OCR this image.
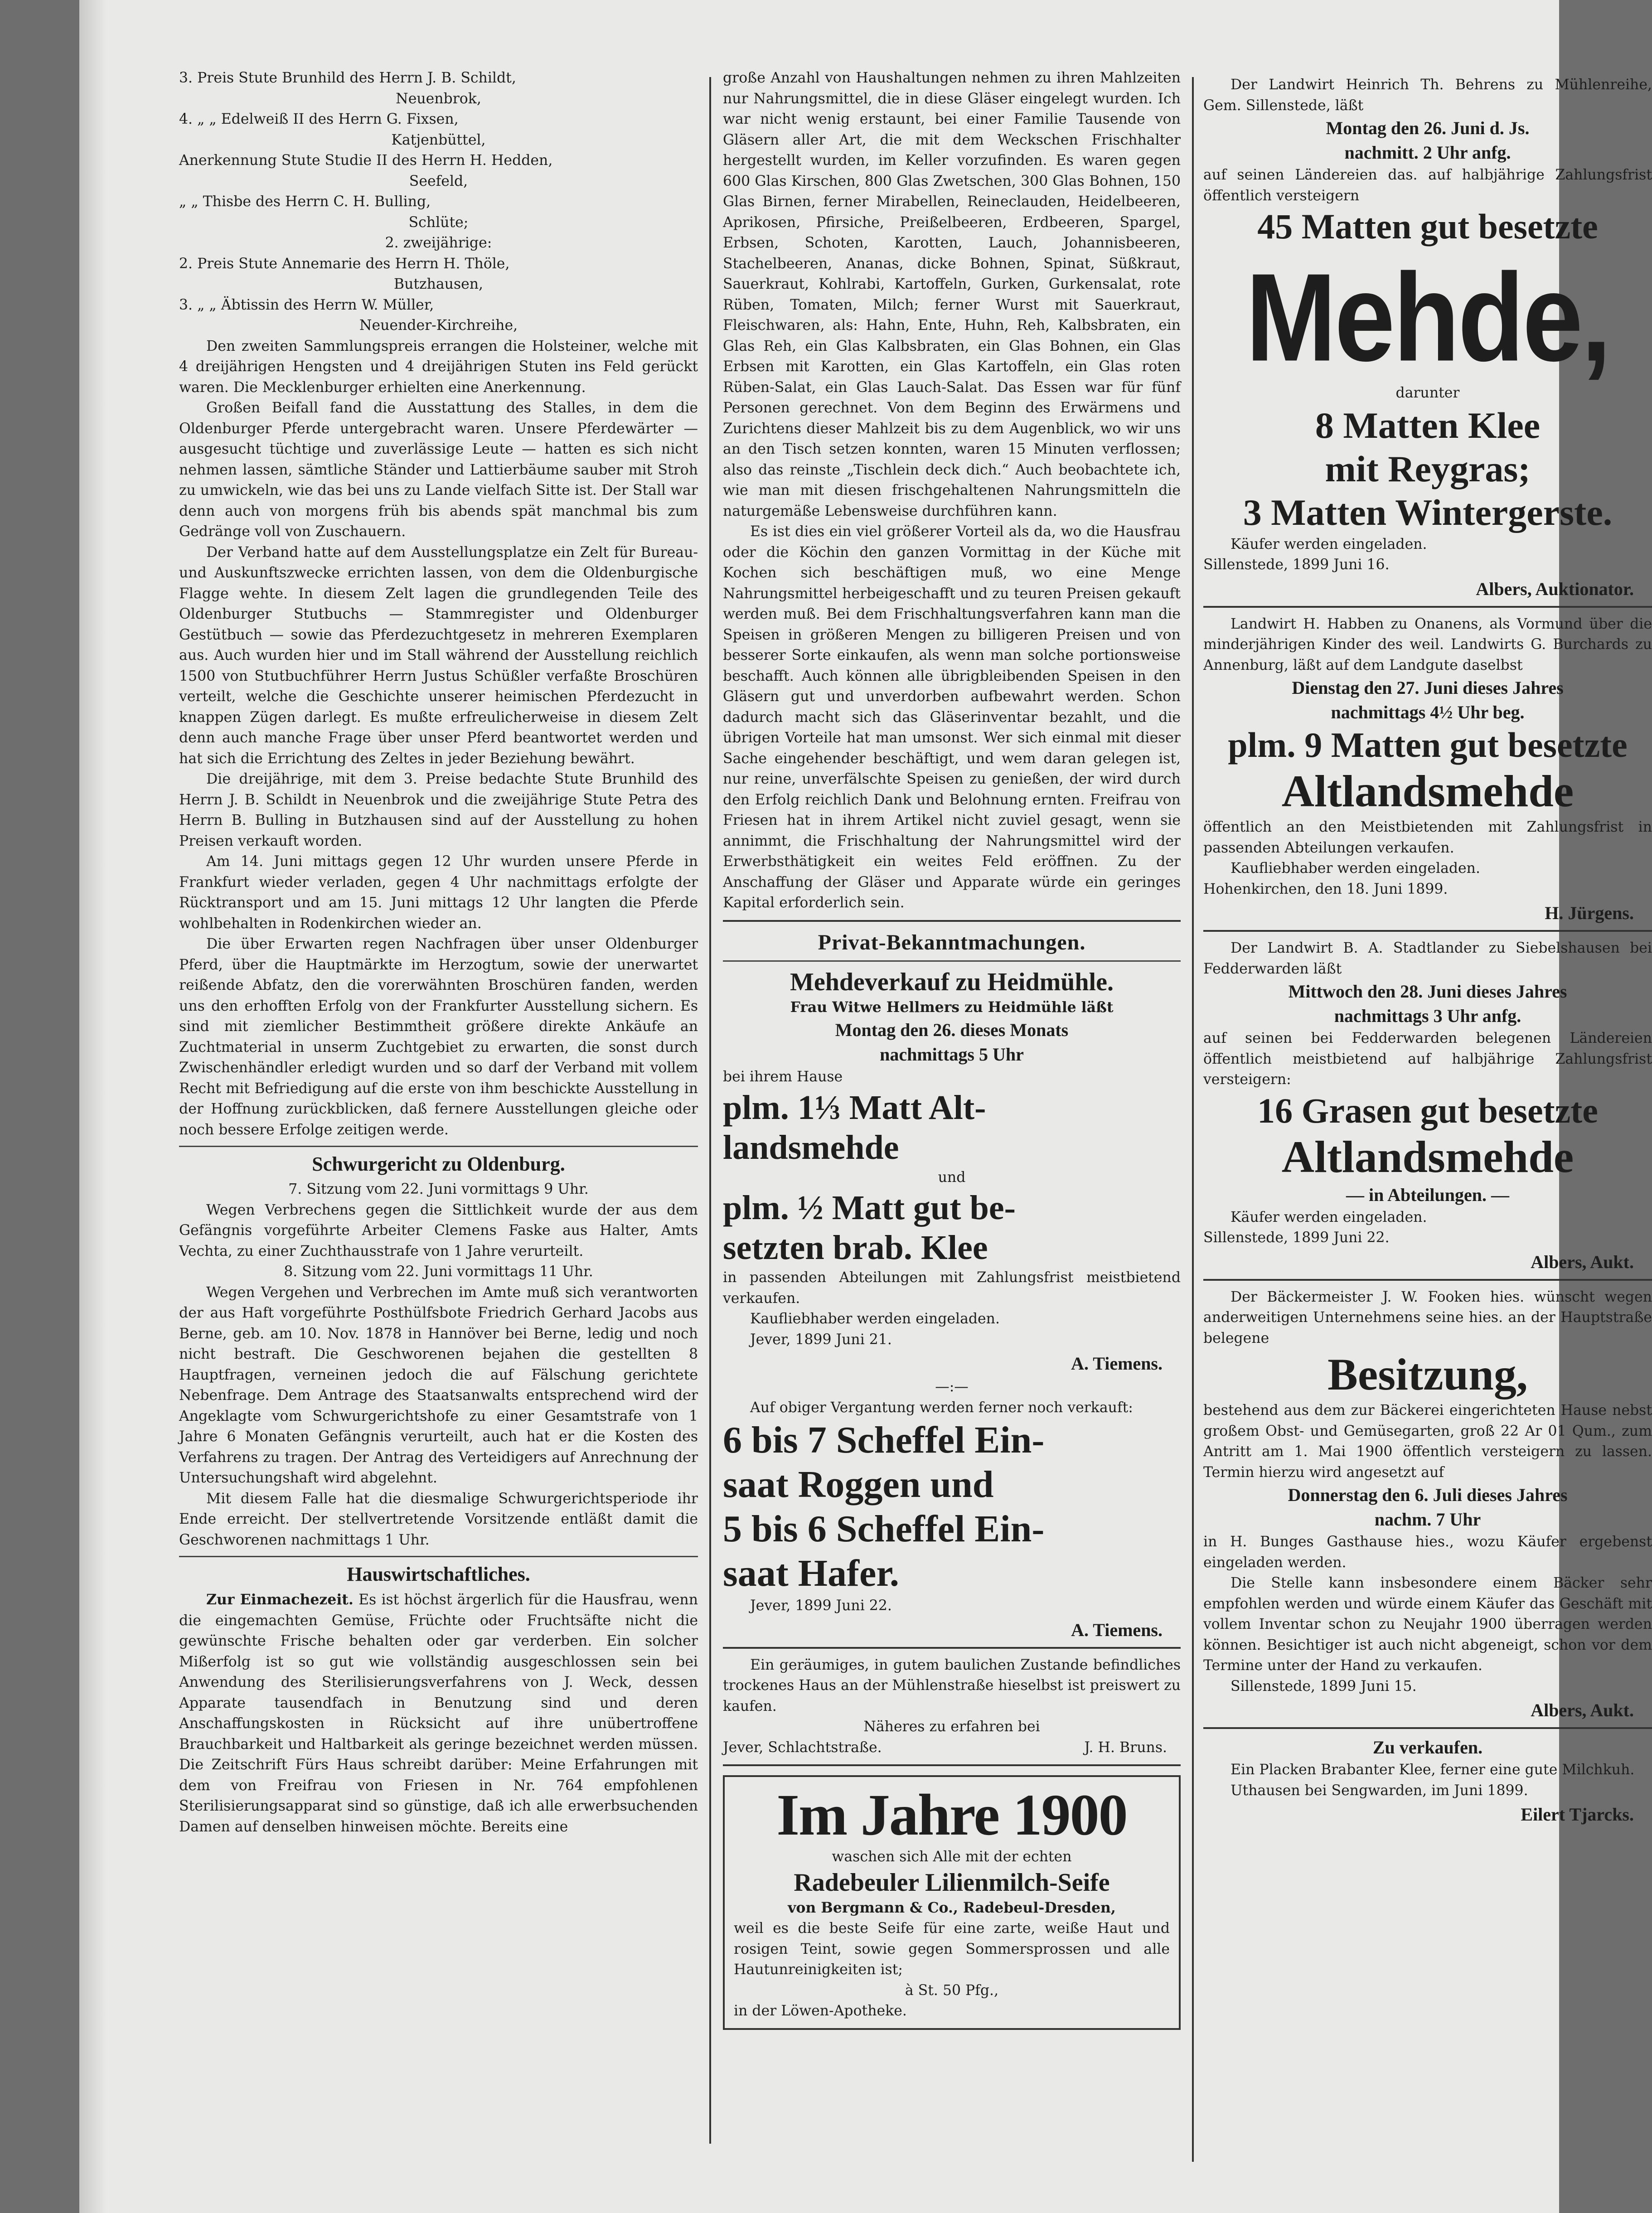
3. Preis Stute Brunhild des Herrn J. B. Schildt,

Neuenbrok,

4. „ „ Edelweiß II des Herrn G. Fixsen,

Katjenbüttel,

Anerkennung Stute Studie II des Herrn H. Hedden,

Seefeld,

„ „ Thisbe des Herrn C. H. Bulling,

Schlüte;

2. zweijährige:

2. Preis Stute Annemarie des Herrn H. Thöle,

Butzhausen,

3. „ „ Äbtissin des Herrn W. Müller,

Neuender-Kirchreihe,

Den zweiten Sammlungspreis errangen die Holsteiner, welche mit 4 dreijährigen Hengsten und 4 dreijährigen Stuten ins Feld gerückt waren. Die Mecklenburger erhielten eine Anerkennung.

Großen Beifall fand die Ausstattung des Stalles, in dem die Oldenburger Pferde untergebracht waren. Unsere Pferdewärter — ausgesucht tüchtige und zuverlässige Leute — hatten es sich nicht nehmen lassen, sämtliche Ständer und Lattierbäume sauber mit Stroh zu umwickeln, wie das bei uns zu Lande vielfach Sitte ist. Der Stall war denn auch von morgens früh bis abends spät manchmal bis zum Gedränge voll von Zuschauern.

Der Verband hatte auf dem Ausstellungsplatze ein Zelt für Bureau- und Auskunftszwecke errichten lassen, von dem die Oldenburgische Flagge wehte. In diesem Zelt lagen die grundlegenden Teile des Oldenburger Stutbuchs — Stammregister und Oldenburger Gestütbuch — sowie das Pferdezuchtgesetz in mehreren Exemplaren aus. Auch wurden hier und im Stall während der Ausstellung reichlich 1500 von Stutbuchführer Herrn Justus Schüßler verfaßte Broschüren verteilt, welche die Geschichte unserer heimischen Pferdezucht in knappen Zügen darlegt. Es mußte erfreulicherweise in diesem Zelt denn auch manche Frage über unser Pferd beantwortet werden und hat sich die Errichtung des Zeltes in jeder Beziehung bewährt.

Die dreijährige, mit dem 3. Preise bedachte Stute Brunhild des Herrn J. B. Schildt in Neuenbrok und die zweijährige Stute Petra des Herrn B. Bulling in Butzhausen sind auf der Ausstellung zu hohen Preisen verkauft worden.

Am 14. Juni mittags gegen 12 Uhr wurden unsere Pferde in Frankfurt wieder verladen, gegen 4 Uhr nachmittags erfolgte der Rücktransport und am 15. Juni mittags 12 Uhr langten die Pferde wohlbehalten in Rodenkirchen wieder an.

Die über Erwarten regen Nachfragen über unser Oldenburger Pferd, über die Hauptmärkte im Herzogtum, sowie der unerwartet reißende Abfatz, den die vorerwähnten Broschüren fanden, werden uns den erhofften Erfolg von der Frankfurter Ausstellung sichern. Es sind mit ziemlicher Bestimmtheit größere direkte Ankäufe an Zuchtmaterial in unserm Zuchtgebiet zu erwarten, die sonst durch Zwischenhändler erledigt wurden und so darf der Verband mit vollem Recht mit Befriedigung auf die erste von ihm beschickte Ausstellung in der Hoffnung zurückblicken, daß fernere Ausstellungen gleiche oder noch bessere Erfolge zeitigen werde.

Schwurgericht zu Oldenburg.

7. Sitzung vom 22. Juni vormittags 9 Uhr.

Wegen Verbrechens gegen die Sittlichkeit wurde der aus dem Gefängnis vorgeführte Arbeiter Clemens Faske aus Halter, Amts Vechta, zu einer Zuchthausstrafe von 1 Jahre verurteilt.

8. Sitzung vom 22. Juni vormittags 11 Uhr.

Wegen Vergehen und Verbrechen im Amte muß sich verantworten der aus Haft vorgeführte Posthülfsbote Friedrich Gerhard Jacobs aus Berne, geb. am 10. Nov. 1878 in Hannöver bei Berne, ledig und noch nicht bestraft. Die Geschworenen bejahen die gestellten 8 Hauptfragen, verneinen jedoch die auf Fälschung gerichtete Nebenfrage. Dem Antrage des Staatsanwalts entsprechend wird der Angeklagte vom Schwurgerichtshofe zu einer Gesamtstrafe von 1 Jahre 6 Monaten Gefängnis verurteilt, auch hat er die Kosten des Verfahrens zu tragen. Der Antrag des Verteidigers auf Anrechnung der Untersuchungshaft wird abgelehnt.

Mit diesem Falle hat die diesmalige Schwurgerichtsperiode ihr Ende erreicht. Der stellvertretende Vorsitzende entläßt damit die Geschworenen nachmittags 1 Uhr.

Hauswirtschaftliches.

Zur Einmachezeit. Es ist höchst ärgerlich für die Hausfrau, wenn die eingemachten Gemüse, Früchte oder Fruchtsäfte nicht die gewünschte Frische behalten oder gar verderben. Ein solcher Mißerfolg ist so gut wie vollständig ausgeschlossen sein bei Anwendung des Sterilisierungsverfahrens von J. Weck, dessen Apparate tausendfach in Benutzung sind und deren Anschaffungskosten in Rücksicht auf ihre unübertroffene Brauchbarkeit und Haltbarkeit als geringe bezeichnet werden müssen. Die Zeitschrift Fürs Haus schreibt darüber: Meine Erfahrungen mit dem von Freifrau von Friesen in Nr. 764 empfohlenen Sterilisierungsapparat sind so günstige, daß ich alle erwerbsuchenden Damen auf denselben hinweisen möchte. Bereits eine

große Anzahl von Haushaltungen nehmen zu ihren Mahlzeiten nur Nahrungsmittel, die in diese Gläser eingelegt wurden. Ich war nicht wenig erstaunt, bei einer Familie Tausende von Gläsern aller Art, die mit dem Weckschen Frischhalter hergestellt wurden, im Keller vorzufinden. Es waren gegen 600 Glas Kirschen, 800 Glas Zwetschen, 300 Glas Bohnen, 150 Glas Birnen, ferner Mirabellen, Reineclauden, Heidelbeeren, Aprikosen, Pfirsiche, Preißelbeeren, Erdbeeren, Spargel, Erbsen, Schoten, Karotten, Lauch, Johannisbeeren, Stachelbeeren, Ananas, dicke Bohnen, Spinat, Süßkraut, Sauerkraut, Kohlrabi, Kartoffeln, Gurken, Gurkensalat, rote Rüben, Tomaten, Milch; ferner Wurst mit Sauerkraut, Fleischwaren, als: Hahn, Ente, Huhn, Reh, Kalbsbraten, ein Glas Reh, ein Glas Kalbsbraten, ein Glas Bohnen, ein Glas Erbsen mit Karotten, ein Glas Kartoffeln, ein Glas roten Rüben-Salat, ein Glas Lauch-Salat. Das Essen war für fünf Personen gerechnet. Von dem Beginn des Erwärmens und Zurichtens dieser Mahlzeit bis zu dem Augenblick, wo wir uns an den Tisch setzen konnten, waren 15 Minuten verflossen; also das reinste „Tischlein deck dich.“ Auch beobachtete ich, wie man mit diesen frischgehaltenen Nahrungsmitteln die naturgemäße Lebensweise durchführen kann.

Es ist dies ein viel größerer Vorteil als da, wo die Hausfrau oder die Köchin den ganzen Vormittag in der Küche mit Kochen sich beschäftigen muß, wo eine Menge Nahrungsmittel herbeigeschafft und zu teuren Preisen gekauft werden muß. Bei dem Frischhaltungsverfahren kann man die Speisen in größeren Mengen zu billigeren Preisen und von besserer Sorte einkaufen, als wenn man solche portionsweise beschafft. Auch können alle übrigbleibenden Speisen in den Gläsern gut und unverdorben aufbewahrt werden. Schon dadurch macht sich das Gläserinventar bezahlt, und die übrigen Vorteile hat man umsonst. Wer sich einmal mit dieser Sache eingehender beschäftigt, und wem daran gelegen ist, nur reine, unverfälschte Speisen zu genießen, der wird durch den Erfolg reichlich Dank und Belohnung ernten. Freifrau von Friesen hat in ihrem Artikel nicht zuviel gesagt, wenn sie annimmt, die Frischhaltung der Nahrungsmittel wird der Erwerbsthätigkeit ein weites Feld eröffnen. Zu der Anschaffung der Gläser und Apparate würde ein geringes Kapital erforderlich sein.

Privat-Bekanntmachungen.
Mehdeverkauf zu Heidmühle.

Frau Witwe Hellmers zu Heidmühle läßt

Montag den 26. dieses Monats
nachmittags 5 Uhr

bei ihrem Hause

plm. 1⅓ Matt Alt-
landsmehde

und

plm. ½ Matt gut be-
setzten brab. Klee

in passenden Abteilungen mit Zahlungsfrist meistbietend verkaufen.

Kaufliebhaber werden eingeladen.

Jever, 1899 Juni 21.

A. Tiemens.

—:—

Auf obiger Vergantung werden ferner noch verkauft:

6 bis 7 Scheffel Ein-
saat Roggen und
5 bis 6 Scheffel Ein-
saat Hafer.

Jever, 1899 Juni 22.

A. Tiemens.

Ein geräumiges, in gutem baulichen Zustande befindliches trockenes Haus an der Mühlenstraße hieselbst ist preiswert zu kaufen.

Näheres zu erfahren bei

Jever, Schlachtstraße.	J. H. Bruns.

Im Jahre 1900

waschen sich Alle mit der echten

Radebeuler Lilienmilch-Seife

von Bergmann & Co., Radebeul-Dresden,

weil es die beste Seife für eine zarte, weiße Haut und rosigen Teint, sowie gegen Sommersprossen und alle Hautunreinigkeiten ist;

à St. 50 Pfg.,

in der Löwen-Apotheke.

Der Landwirt Heinrich Th. Behrens zu Mühlenreihe, Gem. Sillenstede, läßt

Montag den 26. Juni d. Js.
nachmitt. 2 Uhr anfg.

auf seinen Ländereien das. auf halbjährige Zahlungsfrist öffentlich versteigern

45 Matten gut besetzte
Mehde,

darunter

8 Matten Klee
mit Reygras;
3 Matten Wintergerste.

Käufer werden eingeladen.

Sillenstede, 1899 Juni 16.

Albers, Auktionator.

Landwirt H. Habben zu Onanens, als Vormund über die minderjährigen Kinder des weil. Landwirts G. Burchards zu Annenburg, läßt auf dem Landgute daselbst

Dienstag den 27. Juni dieses Jahres
nachmittags 4½ Uhr beg.
plm. 9 Matten gut besetzte
Altlandsmehde

öffentlich an den Meistbietenden mit Zahlungsfrist in passenden Abteilungen verkaufen.

Kaufliebhaber werden eingeladen.

Hohenkirchen, den 18. Juni 1899.

H. Jürgens.

Der Landwirt B. A. Stadtlander zu Siebelshausen bei Fedderwarden läßt

Mittwoch den 28. Juni dieses Jahres
nachmittags 3 Uhr anfg.

auf seinen bei Fedderwarden belegenen Ländereien öffentlich meistbietend auf halbjährige Zahlungsfrist versteigern:

16 Grasen gut besetzte
Altlandsmehde
— in Abteilungen. —

Käufer werden eingeladen.

Sillenstede, 1899 Juni 22.

Albers, Aukt.

Der Bäckermeister J. W. Fooken hies. wünscht wegen anderweitigen Unternehmens seine hies. an der Hauptstraße belegene

Besitzung,

bestehend aus dem zur Bäckerei eingerichteten Hause nebst großem Obst- und Gemüsegarten, groß 22 Ar 01 Qum., zum Antritt am 1. Mai 1900 öffentlich versteigern zu lassen. Termin hierzu wird angesetzt auf

Donnerstag den 6. Juli dieses Jahres
nachm. 7 Uhr

in H. Bunges Gasthause hies., wozu Käufer ergebenst eingeladen werden.

Die Stelle kann insbesondere einem Bäcker sehr empfohlen werden und würde einem Käufer das Geschäft mit vollem Inventar schon zu Neujahr 1900 überragen werden können. Besichtiger ist auch nicht abgeneigt, schon vor dem Termine unter der Hand zu verkaufen.

Sillenstede, 1899 Juni 15.

Albers, Aukt.
Zu verkaufen.

Ein Placken Brabanter Klee, ferner eine gute Milchkuh.

Uthausen bei Sengwarden, im Juni 1899.

Eilert Tjarcks.
